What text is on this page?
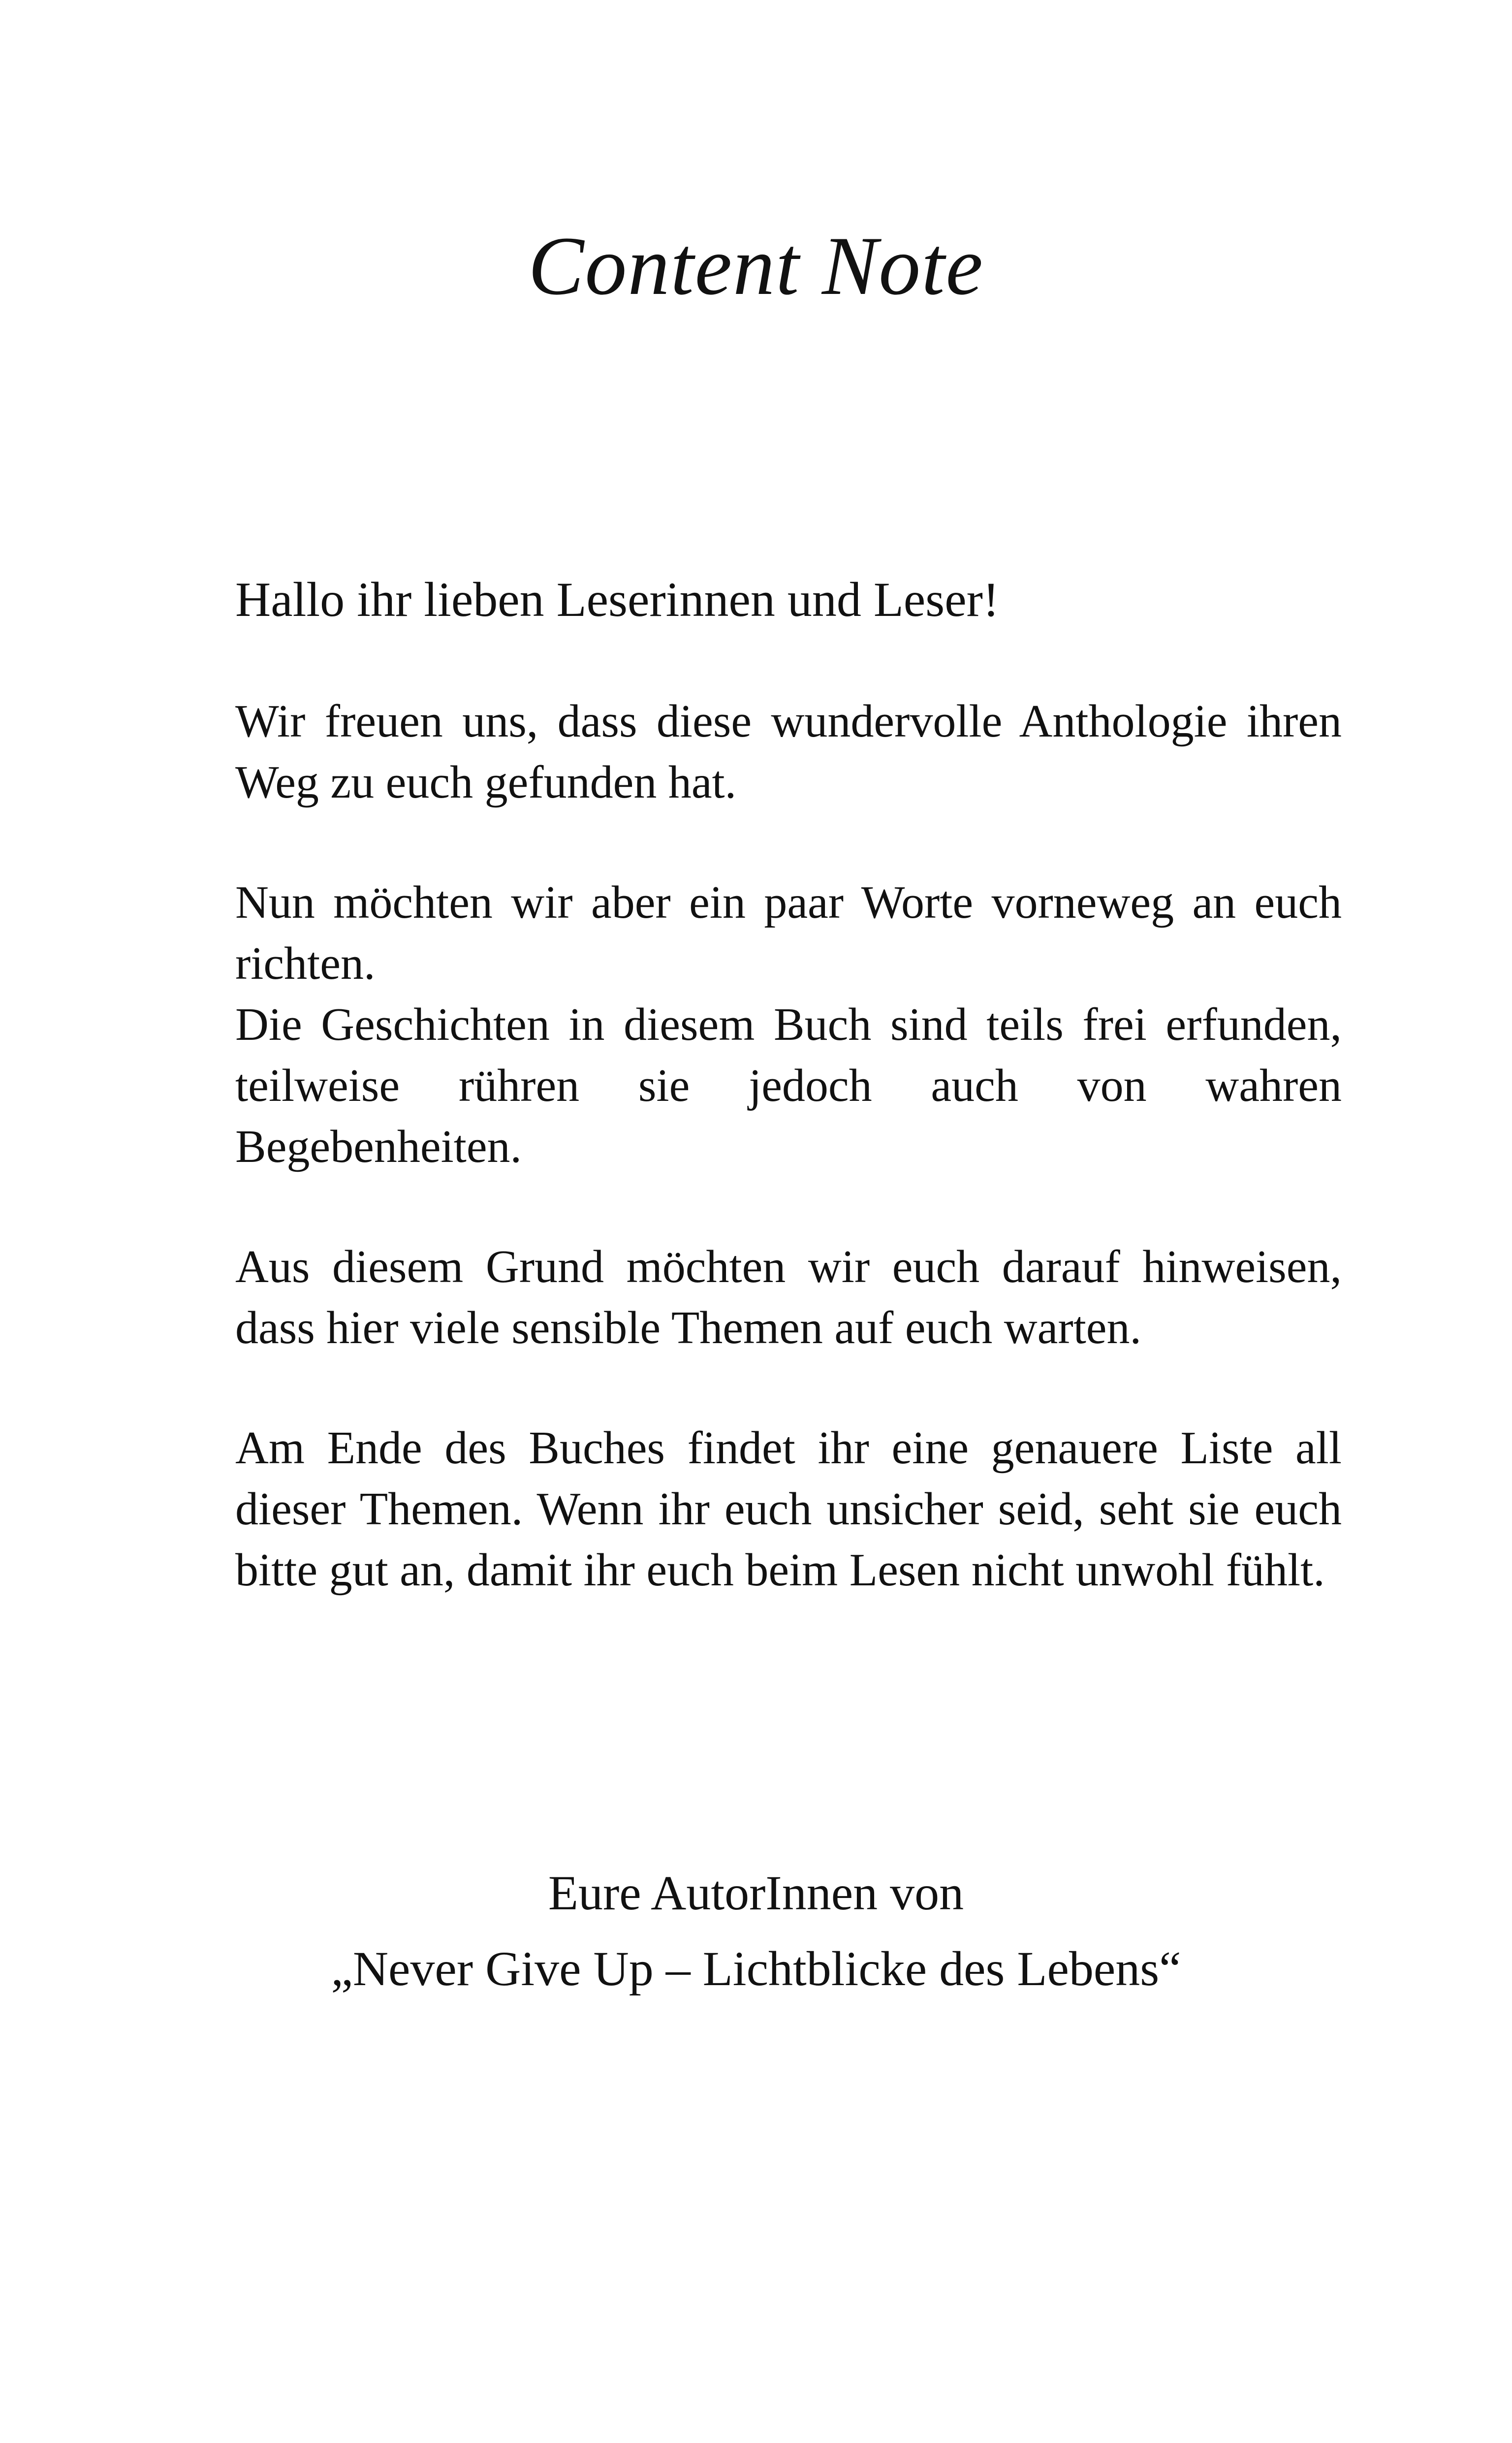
Content Note

Hallo ihr lieben Leserinnen und Leser!

Wir freuen uns, dass diese wundervolle Anthologie ihren Weg zu euch gefunden hat.

Nun möchten wir aber ein paar Worte vorneweg an euch richten.

Die Geschichten in diesem Buch sind teils frei erfunden, teilweise rühren sie jedoch auch von wahren Begebenheiten.

Aus diesem Grund möchten wir euch darauf hinweisen, dass hier viele sensible Themen auf euch warten.

Am Ende des Buches findet ihr eine genauere Liste all dieser Themen. Wenn ihr euch unsicher seid, seht sie euch bitte gut an, damit ihr euch beim Lesen nicht unwohl fühlt.

Eure AutorInnen von
„Never Give Up – Lichtblicke des Lebens“
